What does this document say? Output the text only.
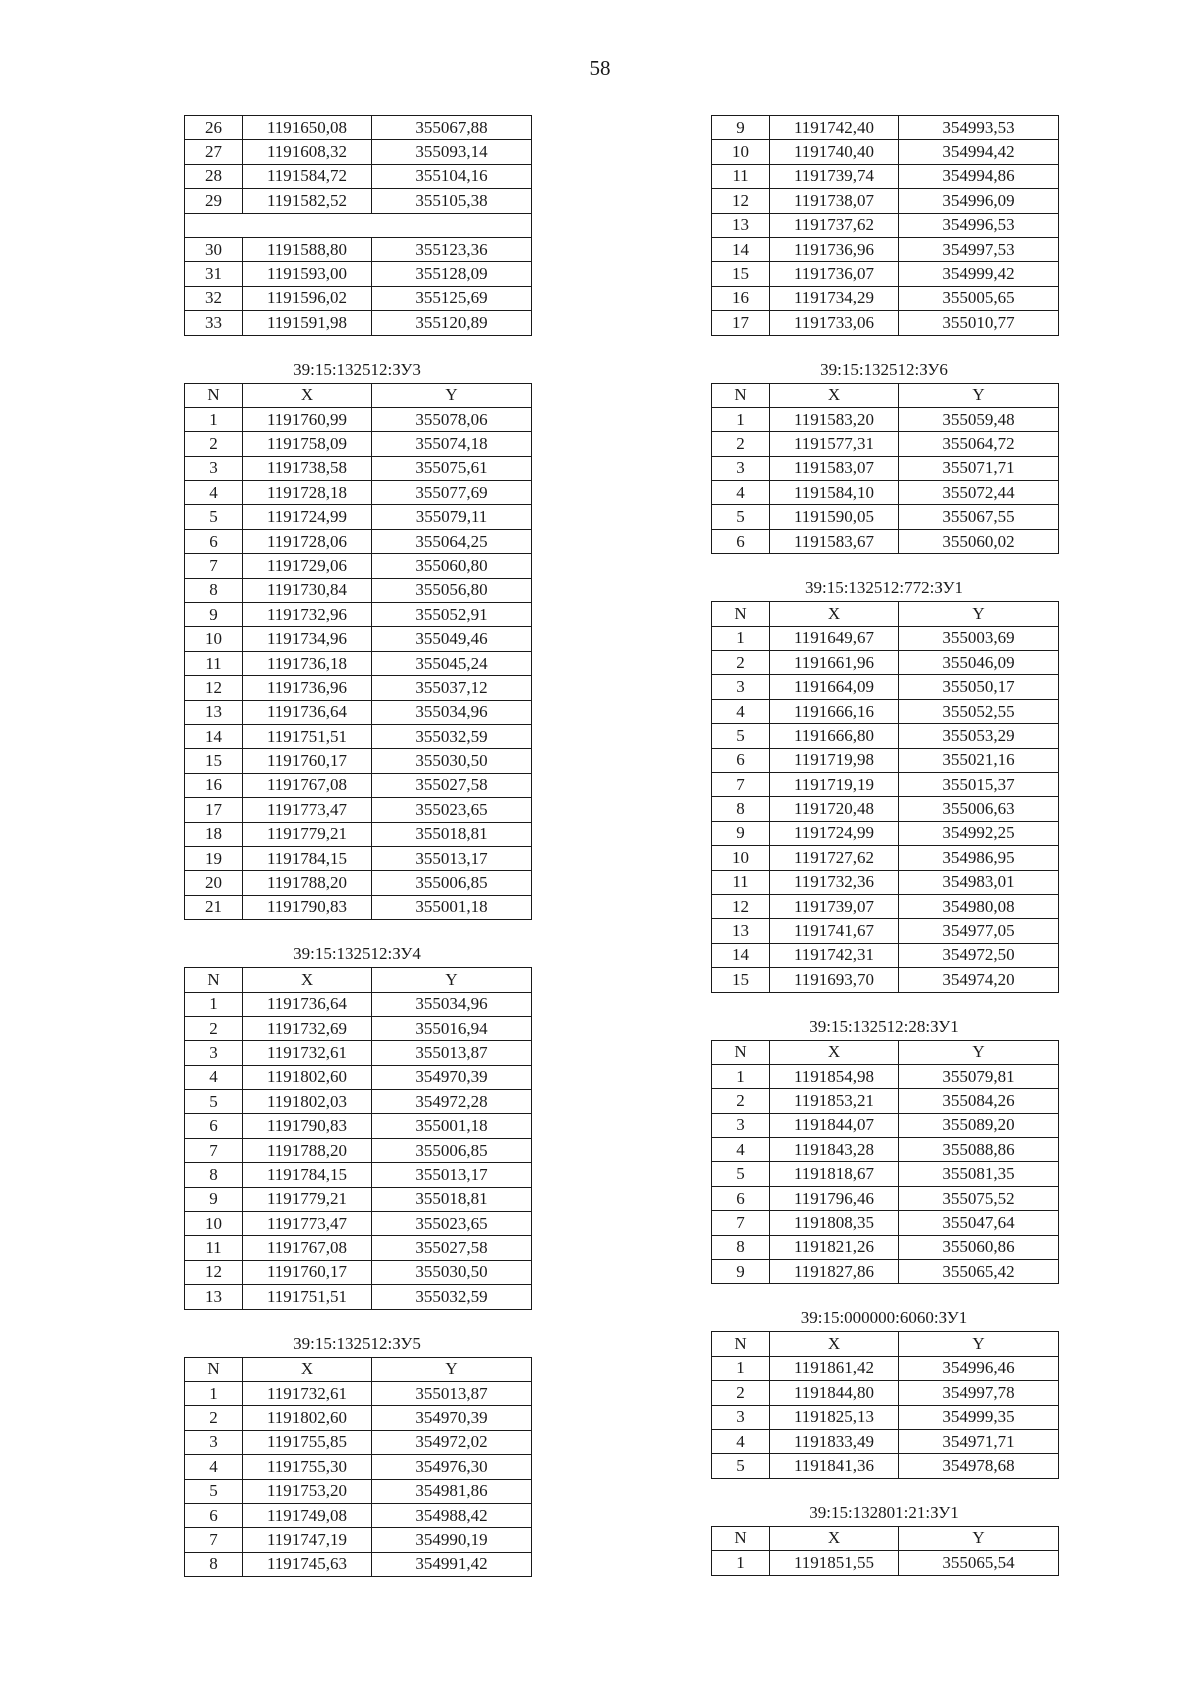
58
26	1191650,08	355067,88
27	1191608,32	355093,14
28	1191584,72	355104,16
29	1191582,52	355105,38

30	1191588,80	355123,36
31	1191593,00	355128,09
32	1191596,02	355125,69
33	1191591,98	355120,89
39:15:132512:ЗУ3
N	X	Y
1	1191760,99	355078,06
2	1191758,09	355074,18
3	1191738,58	355075,61
4	1191728,18	355077,69
5	1191724,99	355079,11
6	1191728,06	355064,25
7	1191729,06	355060,80
8	1191730,84	355056,80
9	1191732,96	355052,91
10	1191734,96	355049,46
11	1191736,18	355045,24
12	1191736,96	355037,12
13	1191736,64	355034,96
14	1191751,51	355032,59
15	1191760,17	355030,50
16	1191767,08	355027,58
17	1191773,47	355023,65
18	1191779,21	355018,81
19	1191784,15	355013,17
20	1191788,20	355006,85
21	1191790,83	355001,18
39:15:132512:ЗУ4
N	X	Y
1	1191736,64	355034,96
2	1191732,69	355016,94
3	1191732,61	355013,87
4	1191802,60	354970,39
5	1191802,03	354972,28
6	1191790,83	355001,18
7	1191788,20	355006,85
8	1191784,15	355013,17
9	1191779,21	355018,81
10	1191773,47	355023,65
11	1191767,08	355027,58
12	1191760,17	355030,50
13	1191751,51	355032,59
39:15:132512:ЗУ5
N	X	Y
1	1191732,61	355013,87
2	1191802,60	354970,39
3	1191755,85	354972,02
4	1191755,30	354976,30
5	1191753,20	354981,86
6	1191749,08	354988,42
7	1191747,19	354990,19
8	1191745,63	354991,42
9	1191742,40	354993,53
10	1191740,40	354994,42
11	1191739,74	354994,86
12	1191738,07	354996,09
13	1191737,62	354996,53
14	1191736,96	354997,53
15	1191736,07	354999,42
16	1191734,29	355005,65
17	1191733,06	355010,77
39:15:132512:ЗУ6
N	X	Y
1	1191583,20	355059,48
2	1191577,31	355064,72
3	1191583,07	355071,71
4	1191584,10	355072,44
5	1191590,05	355067,55
6	1191583,67	355060,02
39:15:132512:772:ЗУ1
N	X	Y
1	1191649,67	355003,69
2	1191661,96	355046,09
3	1191664,09	355050,17
4	1191666,16	355052,55
5	1191666,80	355053,29
6	1191719,98	355021,16
7	1191719,19	355015,37
8	1191720,48	355006,63
9	1191724,99	354992,25
10	1191727,62	354986,95
11	1191732,36	354983,01
12	1191739,07	354980,08
13	1191741,67	354977,05
14	1191742,31	354972,50
15	1191693,70	354974,20
39:15:132512:28:ЗУ1
N	X	Y
1	1191854,98	355079,81
2	1191853,21	355084,26
3	1191844,07	355089,20
4	1191843,28	355088,86
5	1191818,67	355081,35
6	1191796,46	355075,52
7	1191808,35	355047,64
8	1191821,26	355060,86
9	1191827,86	355065,42
39:15:000000:6060:ЗУ1
N	X	Y
1	1191861,42	354996,46
2	1191844,80	354997,78
3	1191825,13	354999,35
4	1191833,49	354971,71
5	1191841,36	354978,68
39:15:132801:21:ЗУ1
N	X	Y
1	1191851,55	355065,54
